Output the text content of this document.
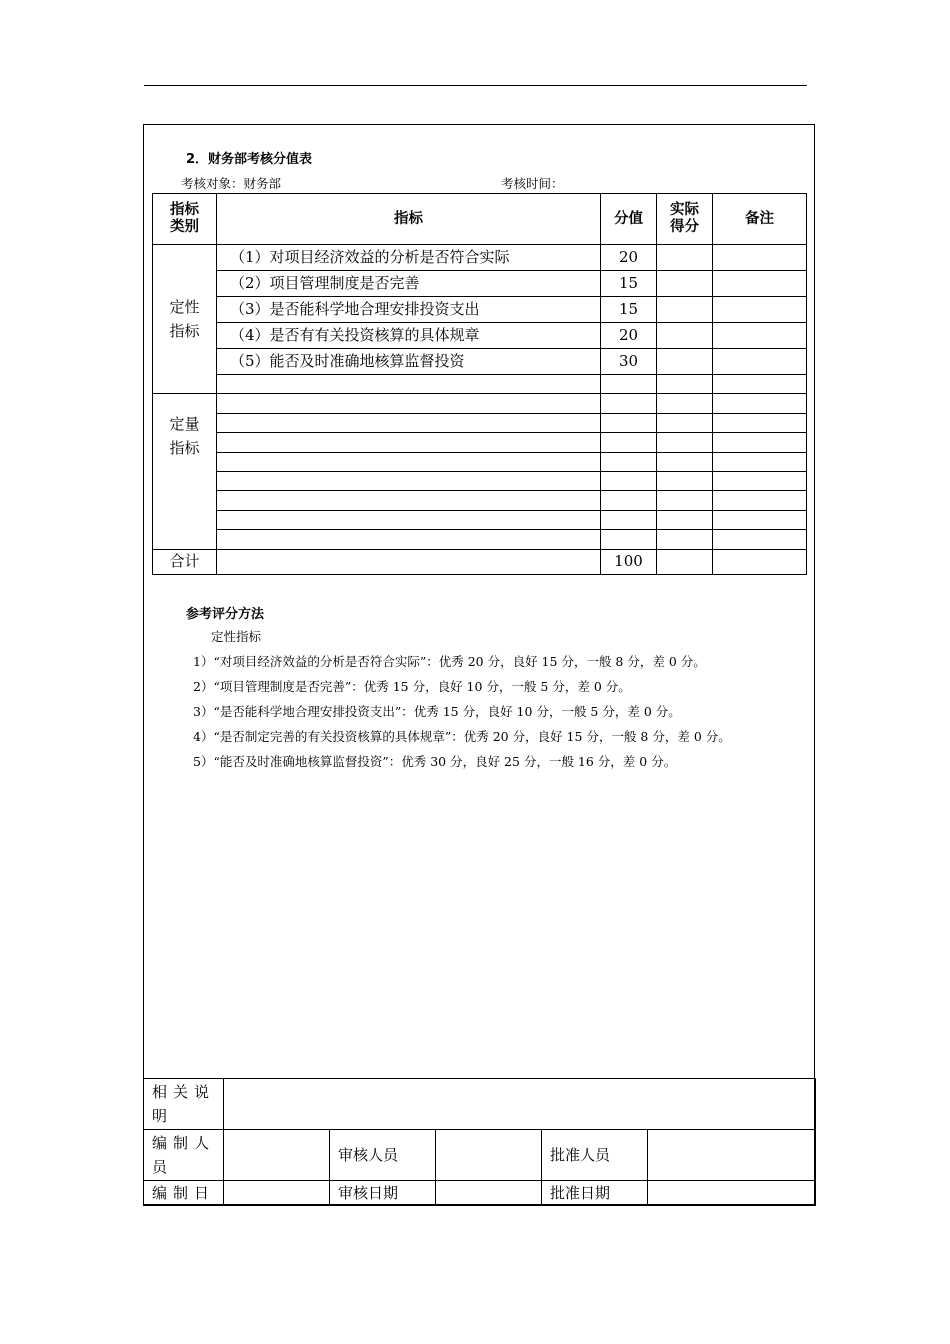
2．财务部考核分值表
考核对象：财务部	考核时间：
指标类别	指标	分值	实际得分	备注
定性指标	（1）对项目经济效益的分析是否符合实际	20		
	（2）项目管理制度是否完善	15		
	（3）是否能科学地合理安排投资支出	15		
	（4）是否有有关投资核算的具体规章	20		
	（5）能否及时准确地核算监督投资	30		

定量指标				

合计		100		
参考评分方法
定性指标
1）“对项目经济效益的分析是否符合实际”：优秀 20 分，良好 15 分，一般 8 分，差 0 分。
2）“项目管理制度是否完善”：优秀 15 分，良好 10 分，一般 5 分，差 0 分。
3）“是否能科学地合理安排投资支出”：优秀 15 分，良好 10 分，一般 5 分，差 0 分。
4）“是否制定完善的有关投资核算的具体规章”：优秀 20 分，良好 15 分，一般 8 分，差 0 分。
5）“能否及时准确地核算监督投资”：优秀 30 分，良好 25 分，一般 16 分，差 0 分。
相关说明					
编制人员		审核人员		批准人员	
编制日		审核日期		批准日期	
